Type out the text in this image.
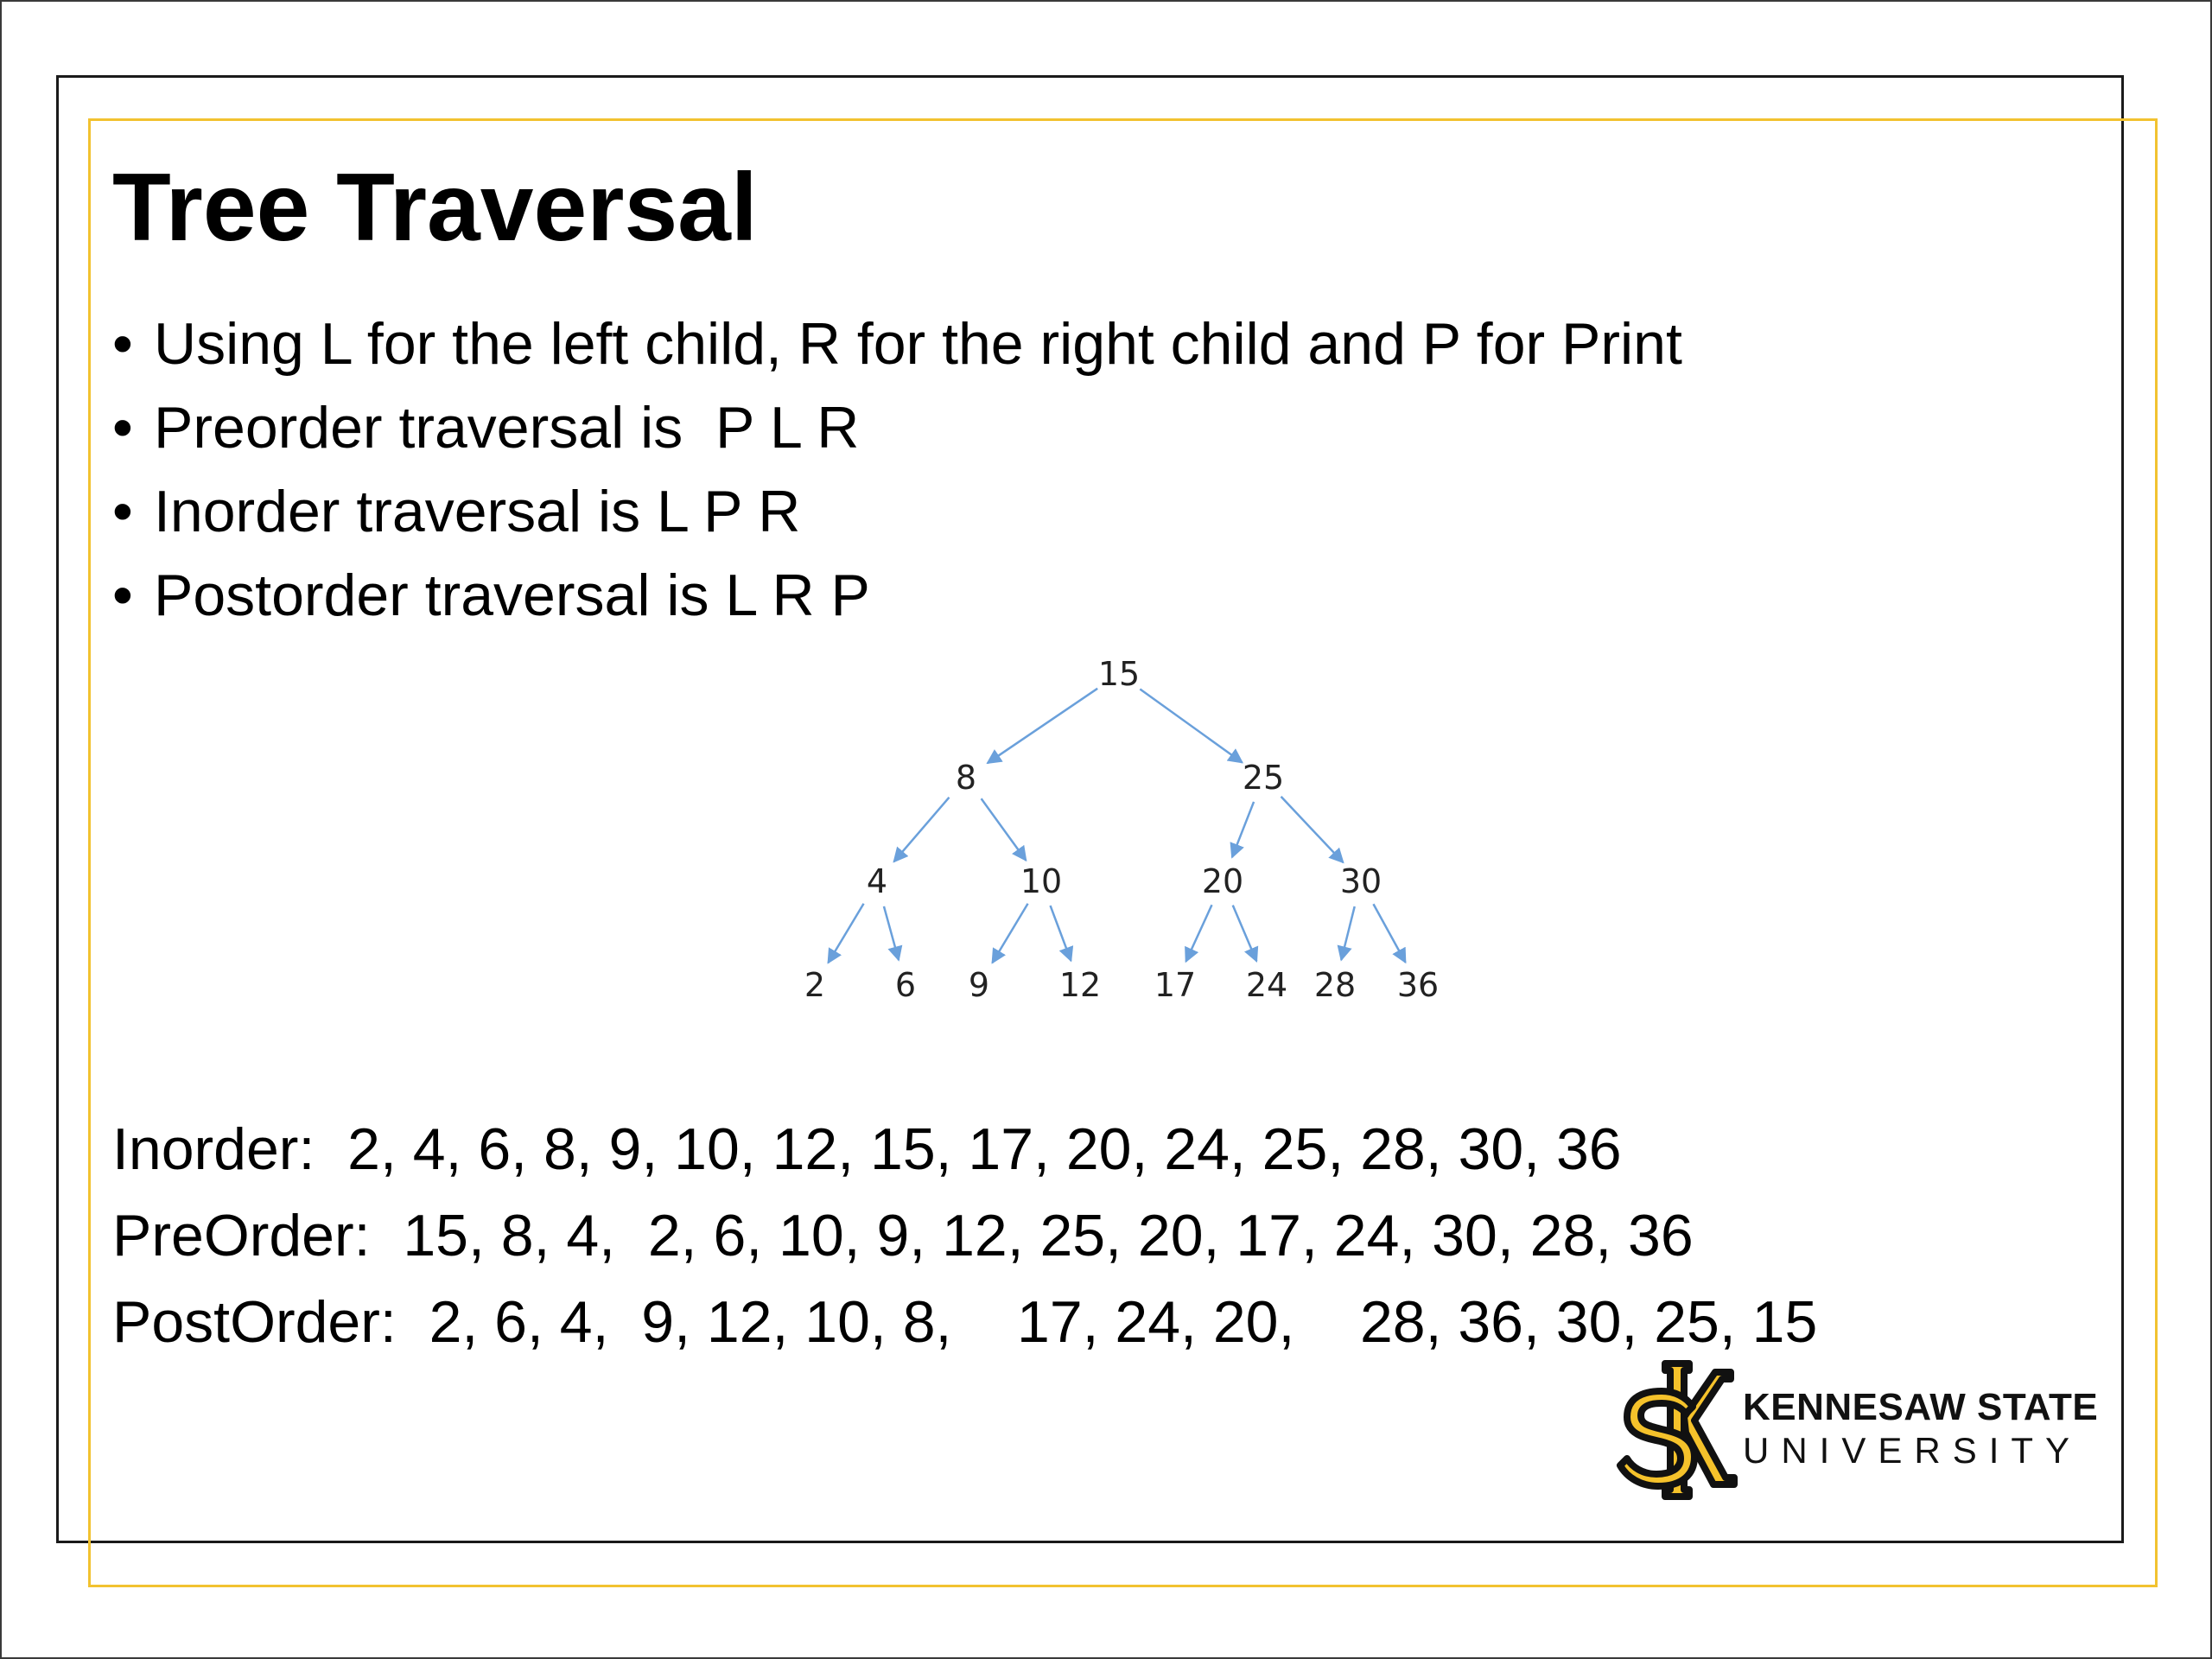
Tree Traversal
• Using L for the left child, R for the right child and P for Print
• Preorder traversal is  P L R
• Inorder traversal is L P R
• Postorder traversal is L R P
15
8	25
4	10	20	30
2 6 9 12 17 24 28 36
Inorder:  2, 4, 6, 8, 9, 10, 12, 15, 17, 20, 24, 25, 28, 30, 36
PreOrder:  15, 8, 4,  2, 6, 10, 9, 12, 25, 20, 17, 24, 30, 28, 36
PostOrder:  2, 6, 4,  9, 12, 10, 8,    17, 24, 20,    28, 36, 30, 25, 15
KENNESAW STATE
UNIVERSITY
